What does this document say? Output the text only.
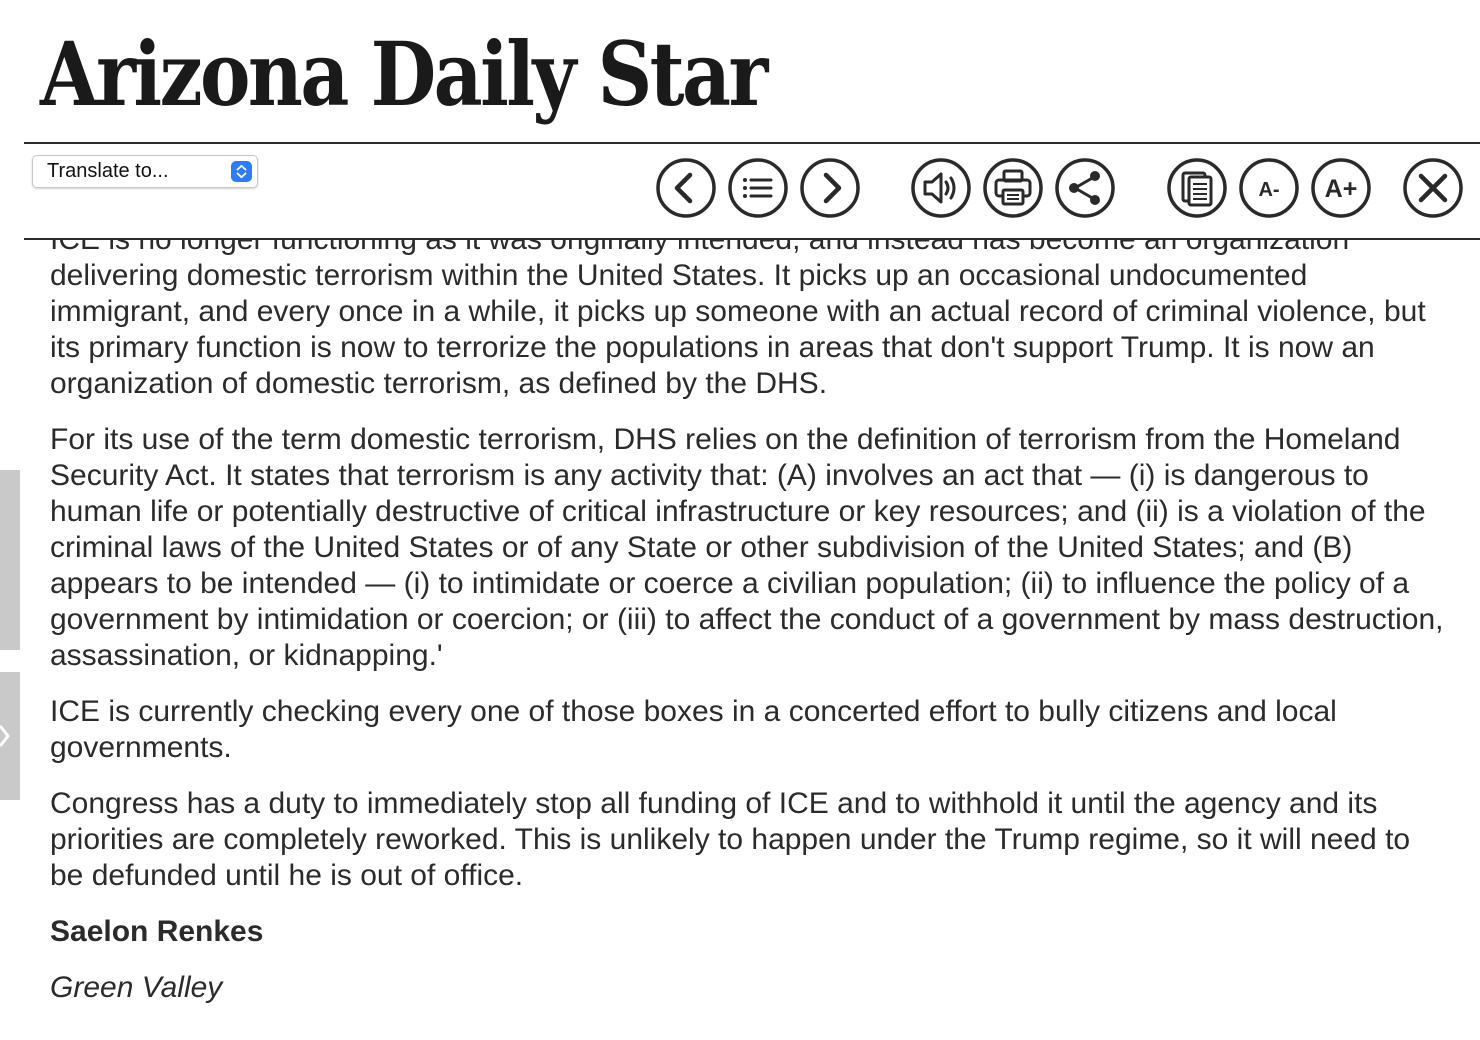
delivering domestic terrorism within the United States. It picks up an occasional undocumented immigrant, and every once in a while, it picks up someone with an actual record of criminal violence, but its primary function is now to terrorize the populations in areas that don't support Trump. It is now an organization of domestic terrorism, as defined by the DHS.

For its use of the term domestic terrorism, DHS relies on the definition of terrorism from the Homeland Security Act. It states that terrorism is any activity that: (A) involves an act that — (i) is dangerous to human life or potentially destructive of critical infrastructure or key resources; and (ii) is a violation of the criminal laws of the United States or of any State or other subdivision of the United States; and (B) appears to be intended — (i) to intimidate or coerce a civilian population; (ii) to influence the policy of a government by intimidation or coercion; or (iii) to affect the conduct of a government by mass destruction, assassination, or kidnapping.'

ICE is currently checking every one of those boxes in a concerted effort to bully citizens and local governments.

Congress has a duty to immediately stop all funding of ICE and to withhold it until the agency and its priorities are completely reworked. This is unlikely to happen under the Trump regime, so it will need to be defunded until he is out of office.

Saelon Renkes

Green Valley

Arizona Daily Star
Translate to...
A- A+
